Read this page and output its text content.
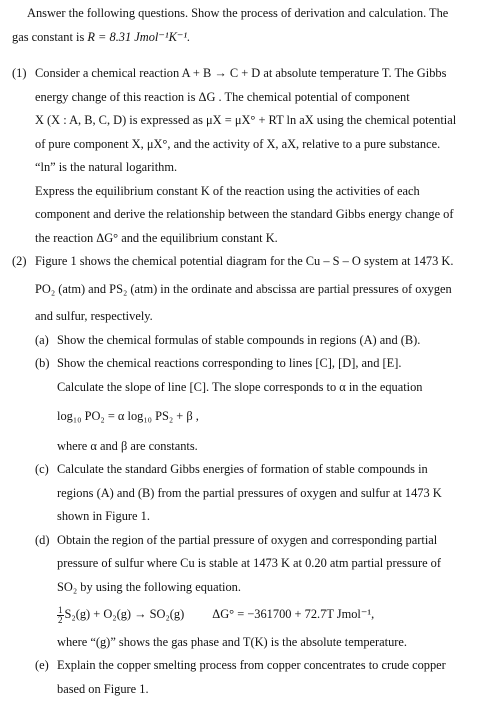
Answer the following questions. Show the process of derivation and calculation. The

gas constant is R = 8.31 Jmol⁻¹K⁻¹.

(1) Consider a chemical reaction A + B → C + D at absolute temperature T. The Gibbs

energy change of this reaction is ΔG . The chemical potential of component

X (X : A, B, C, D) is expressed as μX = μX° + RT ln aX using the chemical potential

of pure component X, μX°, and the activity of X, aX, relative to a pure substance.

“ln” is the natural logarithm.

Express the equilibrium constant K of the reaction using the activities of each

component and derive the relationship between the standard Gibbs energy change of

the reaction ΔG° and the equilibrium constant K.

(2) Figure 1 shows the chemical potential diagram for the Cu – S – O system at 1473 K.

PO₂ (atm) and PS₂ (atm) in the ordinate and abscissa are partial pressures of oxygen

and sulfur, respectively.

(a) Show the chemical formulas of stable compounds in regions (A) and (B).

(b) Show the chemical reactions corresponding to lines [C], [D], and [E].

Calculate the slope of line [C]. The slope corresponds to α in the equation

log₁₀ PO₂ = α log₁₀ PS₂ + β ,

where α and β are constants.

(c) Calculate the standard Gibbs energies of formation of stable compounds in

regions (A) and (B) from the partial pressures of oxygen and sulfur at 1473 K

shown in Figure 1.

(d) Obtain the region of the partial pressure of oxygen and corresponding partial

pressure of sulfur where Cu is stable at 1473 K at 0.20 atm partial pressure of

SO₂ by using the following equation.

$\frac{1}{2} S_2(g) + O_2(g) \to SO_2(g) \Delta G^\circ = -361700 + 72.7T$ Jmol⁻¹,

where “(g)” shows the gas phase and T(K) is the absolute temperature.

(e) Explain the copper smelting process from copper concentrates to crude copper

based on Figure 1.
